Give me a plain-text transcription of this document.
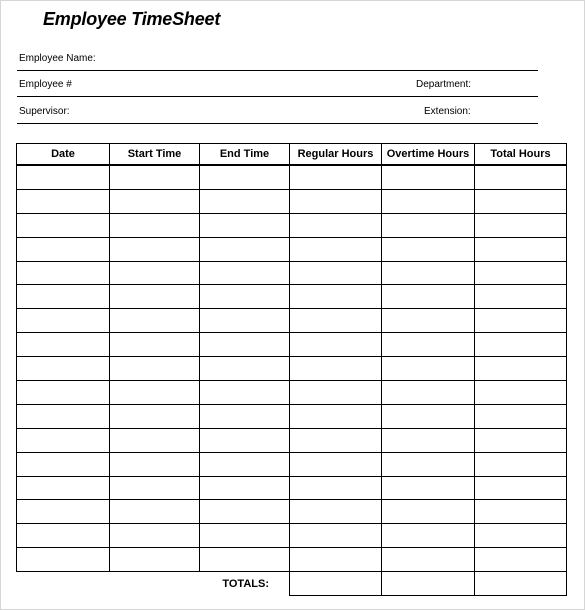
Employee TimeSheet
Employee Name:
Employee #	Department:
Supervisor:	Extension:
Date	Start Time	End Time	Regular Hours	Overtime Hours	Total Hours

		TOTALS:			
